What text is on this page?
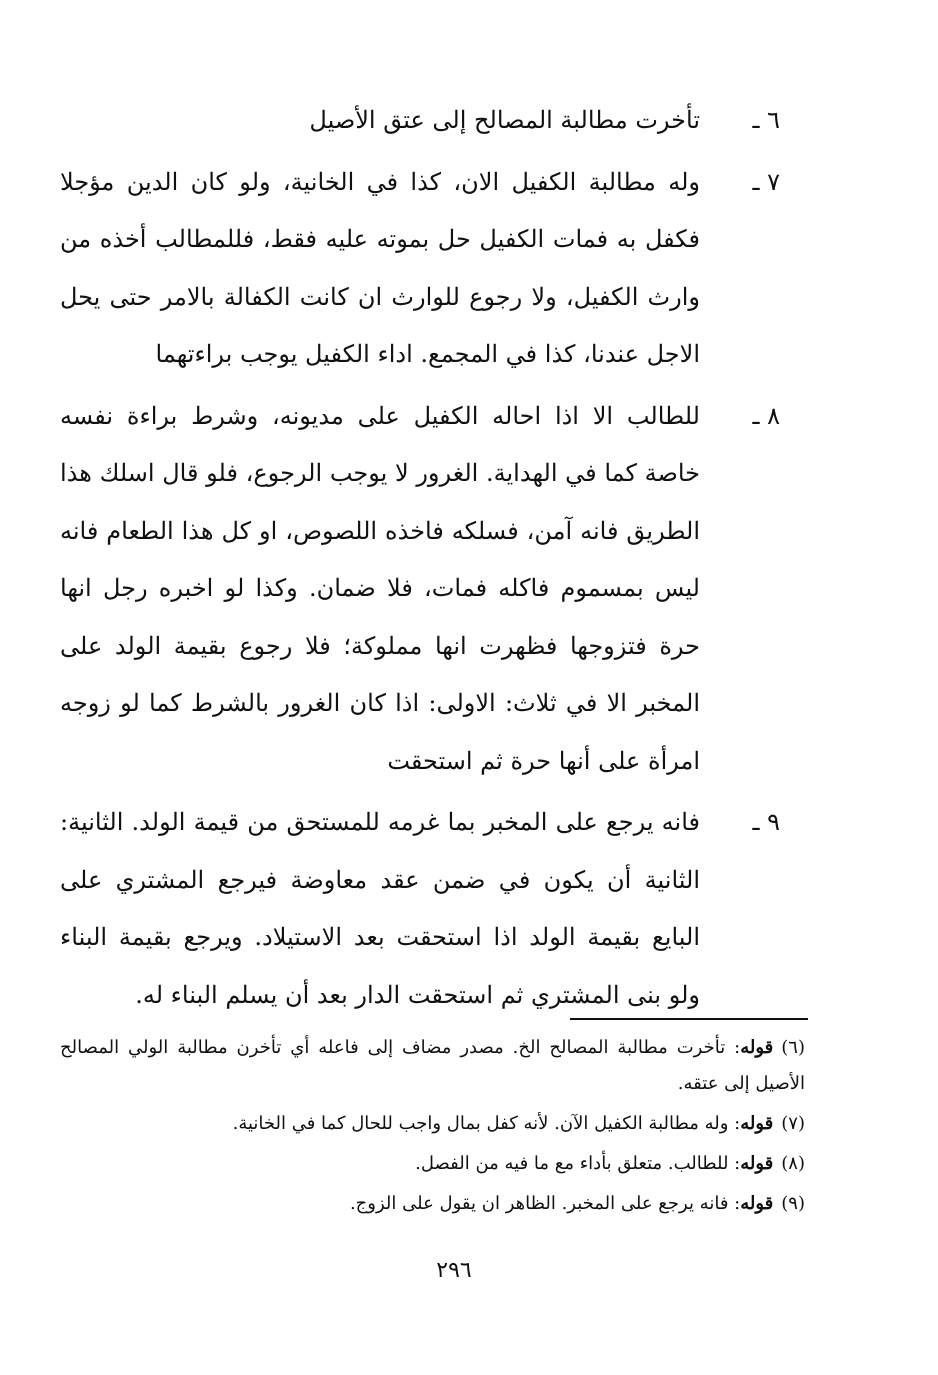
٦ ـ
تأخرت مطالبة المصالح إلى عتق الأصيل
٧ ـ
وله مطالبة الكفيل الان، كذا في الخانية، ولو كان الدين مؤجلا فكفل به فمات الكفيل حل بموته عليه فقط، فللمطالب أخذه من وارث الكفيل، ولا رجوع للوارث ان كانت الكفالة بالامر حتى يحل الاجل عندنا، كذا في المجمع. اداء الكفيل يوجب براءتهما
٨ ـ
للطالب الا اذا احاله الكفيل على مديونه، وشرط براءة نفسه خاصة كما في الهداية. الغرور لا يوجب الرجوع، فلو قال اسلك هذا الطريق فانه آمن، فسلكه فاخذه اللصوص، او كل هذا الطعام فانه ليس بمسموم فاكله فمات، فلا ضمان. وكذا لو اخبره رجل انها حرة فتزوجها فظهرت انها مملوكة؛ فلا رجوع بقيمة الولد على المخبر الا في ثلاث: الاولى: اذا كان الغرور بالشرط كما لو زوجه امرأة على أنها حرة ثم استحقت
٩ ـ
فانه يرجع على المخبر بما غرمه للمستحق من قيمة الولد. الثانية: الثانية أن يكون في ضمن عقد معاوضة فيرجع المشتري على البايع بقيمة الولد اذا استحقت بعد الاستيلاد. ويرجع بقيمة البناء ولو بنى المشتري ثم استحقت الدار بعد أن يسلم البناء له.
(٦)قوله: تأخرت مطالبة المصالح الخ. مصدر مضاف إلى فاعله أي تأخرن مطالبة الولي المصالح الأصيل إلى عتقه.
(٧)قوله: وله مطالبة الكفيل الآن. لأنه كفل بمال واجب للحال كما في الخانية.
(٨)قوله: للطالب. متعلق بأداء مع ما فيه من الفصل.
(٩)قوله: فانه يرجع على المخبر. الظاهر ان يقول على الزوج.
٢٩٦
